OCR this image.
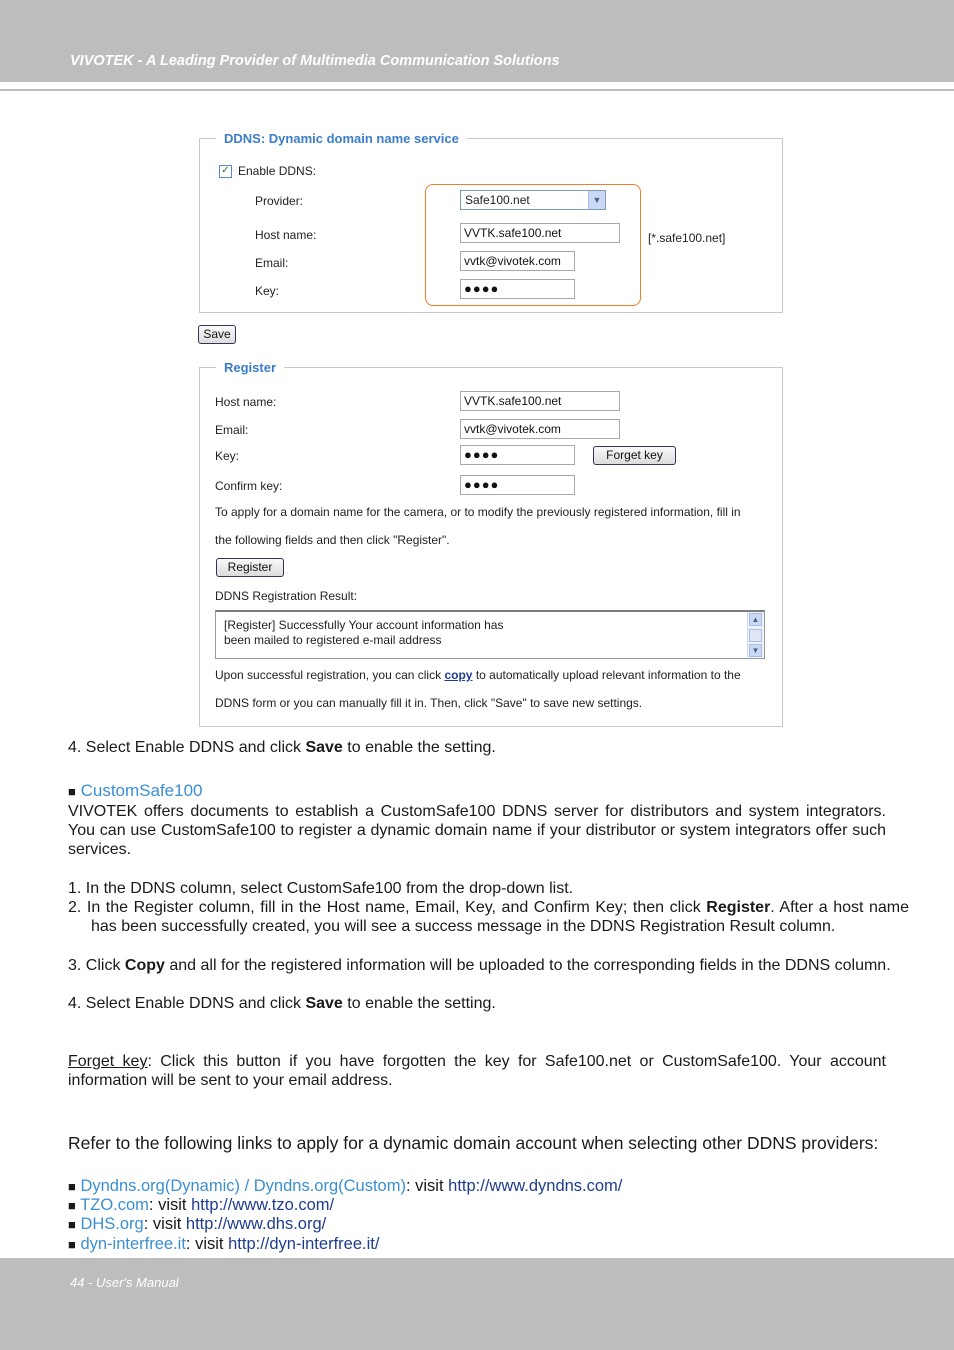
VIVOTEK - A Leading Provider of Multimedia Communication Solutions
DDNS: Dynamic domain name service
✓ Enable DDNS:
Provider:	Safe100.net	▼
Host name:	VVTK.safe100.net	[*.safe100.net]
Email:	vvtk@vivotek.com
Key:	●●●●
Save
Register
Host name:	VVTK.safe100.net
Email:	vvtk@vivotek.com
Key:	●●●●	Forget key
Confirm key:	●●●●
To apply for a domain name for the camera, or to modify the previously registered information, fill in
the following fields and then click "Register".
Register
DDNS Registration Result:
[Register] Successfully Your account information has
been mailed to registered e-mail address
▲
▼
Upon successful registration, you can click copy to automatically upload relevant information to the
DDNS form or you can manually fill it in. Then, click "Save" to save new settings.
4. Select Enable DDNS and click Save to enable the setting.
■ CustomSafe100
VIVOTEK offers documents to establish a CustomSafe100 DDNS server for distributors and system integrators. You can use CustomSafe100 to register a dynamic domain name if your distributor or system integrators offer such services.
1. In the DDNS column, select CustomSafe100 from the drop-down list.
2. In the Register column, fill in the Host name, Email, Key, and Confirm Key; then click Register. After a host name has been successfully created, you will see a success message in the DDNS Registration Result column.
3. Click Copy and all for the registered information will be uploaded to the corresponding fields in the DDNS column.
4. Select Enable DDNS and click Save to enable the setting.
Forget key: Click this button if you have forgotten the key for Safe100.net or CustomSafe100. Your account information will be sent to your email address.
Refer to the following links to apply for a dynamic domain account when selecting other DDNS providers:
■ Dyndns.org(Dynamic) / Dyndns.org(Custom): visit http://www.dyndns.com/
■ TZO.com: visit http://www.tzo.com/
■ DHS.org: visit http://www.dhs.org/
■ dyn-interfree.it: visit http://dyn-interfree.it/
44 - User's Manual
